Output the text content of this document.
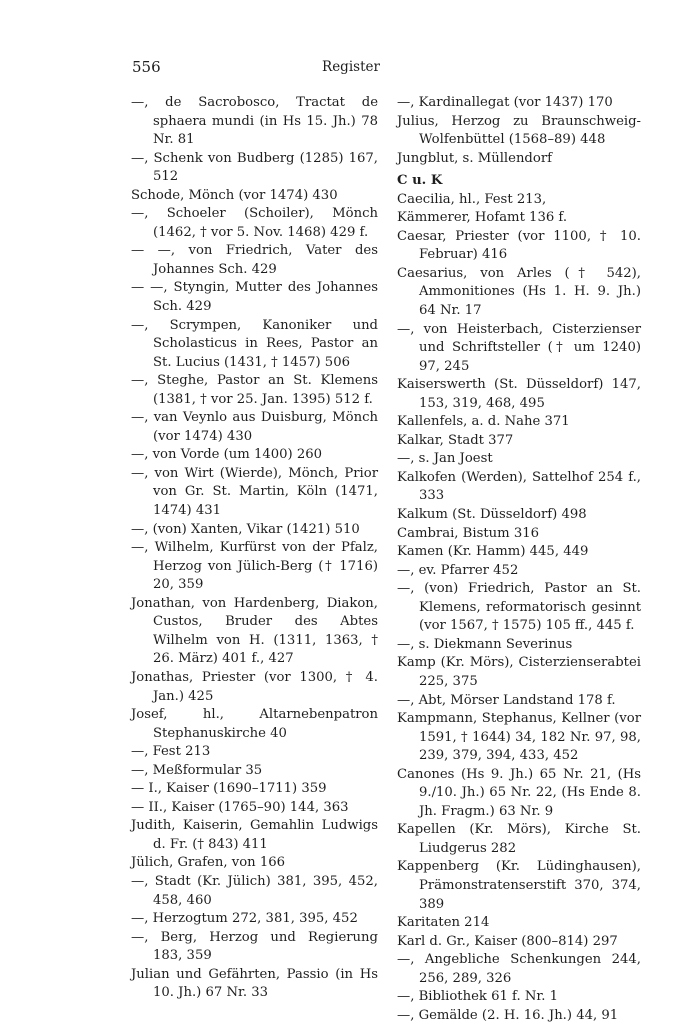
556	Register
—, de Sacrobosco, Tractat de sphaera mundi (in Hs 15. Jh.) 78 Nr. 81
—, Schenk von Budberg (1285) 167, 512
Schode, Mönch (vor 1474) 430
—, Schoeler (Schoiler), Mönch (1462, † vor 5. Nov. 1468) 429 f.
— —, von Friedrich, Vater des Johannes Sch. 429
— —, Styngin, Mutter des Johannes Sch. 429
—, Scrympen, Kanoniker und Scholasticus in Rees, Pastor an St. Lucius (1431, † 1457) 506
—, Steghe, Pastor an St. Klemens (1381, † vor 25. Jan. 1395) 512 f.
—, van Veynlo aus Duisburg, Mönch (vor 1474) 430
—, von Vorde (um 1400) 260
—, von Wirt (Wierde), Mönch, Prior von Gr. St. Martin, Köln (1471, 1474) 431
—, (von) Xanten, Vikar (1421) 510
—, Wilhelm, Kurfürst von der Pfalz, Herzog von Jülich-Berg († 1716) 20, 359
Jonathan, von Hardenberg, Diakon, Custos, Bruder des Abtes Wilhelm von H. (1311, 1363, † 26. März) 401 f., 427
Jonathas, Priester (vor 1300, † 4. Jan.) 425
Josef, hl., Altarnebenpatron Stephanuskirche 40
—, Fest 213
—, Meßformular 35
— I., Kaiser (1690–1711) 359
— II., Kaiser (1765–90) 144, 363
Judith, Kaiserin, Gemahlin Ludwigs d. Fr. († 843) 411
Jülich, Grafen, von 166
—, Stadt (Kr. Jülich) 381, 395, 452, 458, 460
—, Herzogtum 272, 381, 395, 452
—, Berg, Herzog und Regierung 183, 359
Julian und Gefährten, Passio (in Hs 10. Jh.) 67 Nr. 33
—, Kardinallegat (vor 1437) 170
Julius, Herzog zu Braunschweig-Wolfenbüttel (1568–89) 448
Jungblut, s. Müllendorf
C u. K
Caecilia, hl., Fest 213,
Kämmerer, Hofamt 136 f.
Caesar, Priester (vor 1100, † 10. Februar) 416
Caesarius, von Arles († 542), Ammonitiones (Hs 1. H. 9. Jh.) 64 Nr. 17
—, von Heisterbach, Cisterzienser und Schriftsteller († um 1240) 97, 245
Kaiserswerth (St. Düsseldorf) 147, 153, 319, 468, 495
Kallenfels, a. d. Nahe 371
Kalkar, Stadt 377
—, s. Jan Joest
Kalkofen (Werden), Sattelhof 254 f., 333
Kalkum (St. Düsseldorf) 498
Cambrai, Bistum 316
Kamen (Kr. Hamm) 445, 449
—, ev. Pfarrer 452
—, (von) Friedrich, Pastor an St. Klemens, reformatorisch gesinnt (vor 1567, † 1575) 105 ff., 445 f.
—, s. Diekmann Severinus
Kamp (Kr. Mörs), Cisterzienserabtei 225, 375
—, Abt, Mörser Landstand 178 f.
Kampmann, Stephanus, Kellner (vor 1591, † 1644) 34, 182 Nr. 97, 98, 239, 379, 394, 433, 452
Canones (Hs 9. Jh.) 65 Nr. 21, (Hs 9./10. Jh.) 65 Nr. 22, (Hs Ende 8. Jh. Fragm.) 63 Nr. 9
Kapellen (Kr. Mörs), Kirche St. Liudgerus 282
Kappenberg (Kr. Lüdinghausen), Prämonstratenserstift 370, 374, 389
Karitaten 214
Karl d. Gr., Kaiser (800–814) 297
—, Angebliche Schenkungen 244, 256, 289, 326
—, Bibliothek 61 f. Nr. 1
—, Gemälde (2. H. 16. Jh.) 44, 91
